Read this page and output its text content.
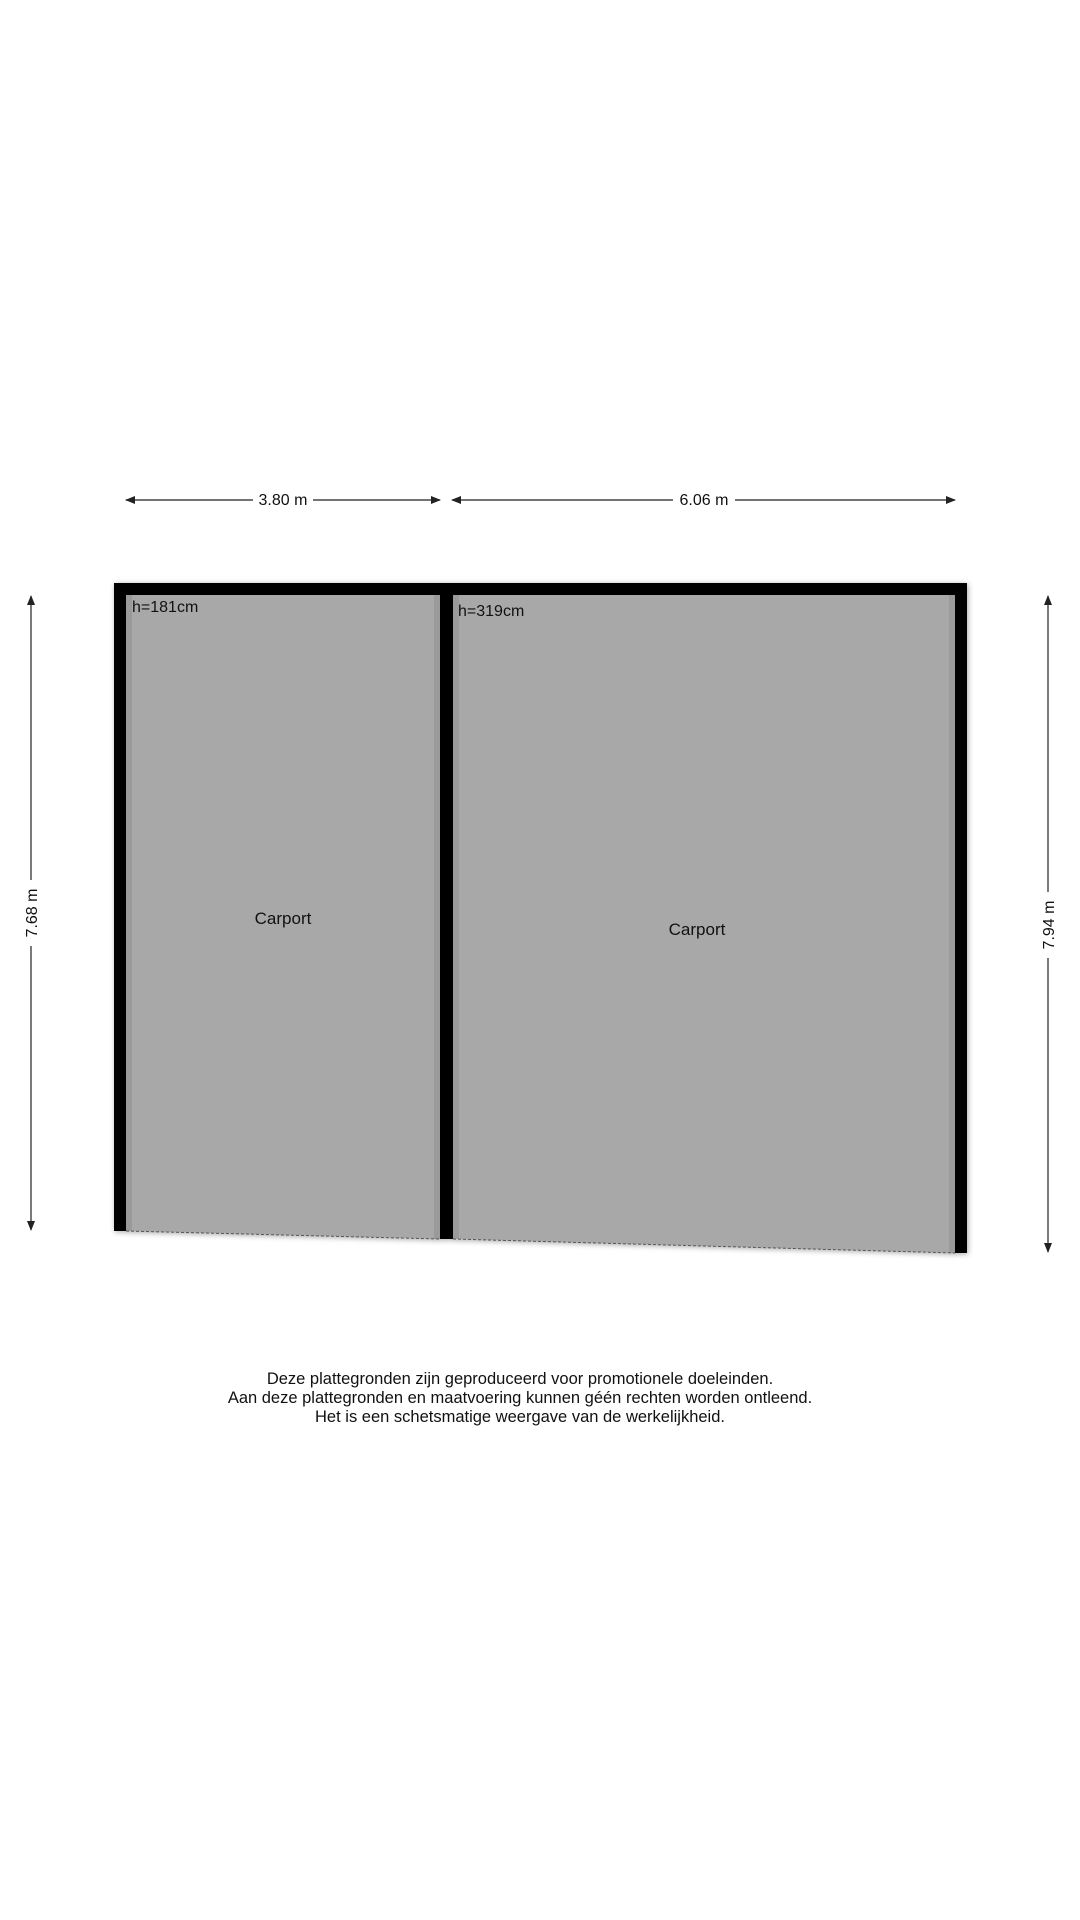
3.80 m	6.06 m
7.68 m	7.94 m
h=181cm	h=319cm
Carport
Carport
Deze plattegronden zijn geproduceerd voor promotionele doeleinden.
Aan deze plattegronden en maatvoering kunnen géén rechten worden ontleend.
Het is een schetsmatige weergave van de werkelijkheid.
